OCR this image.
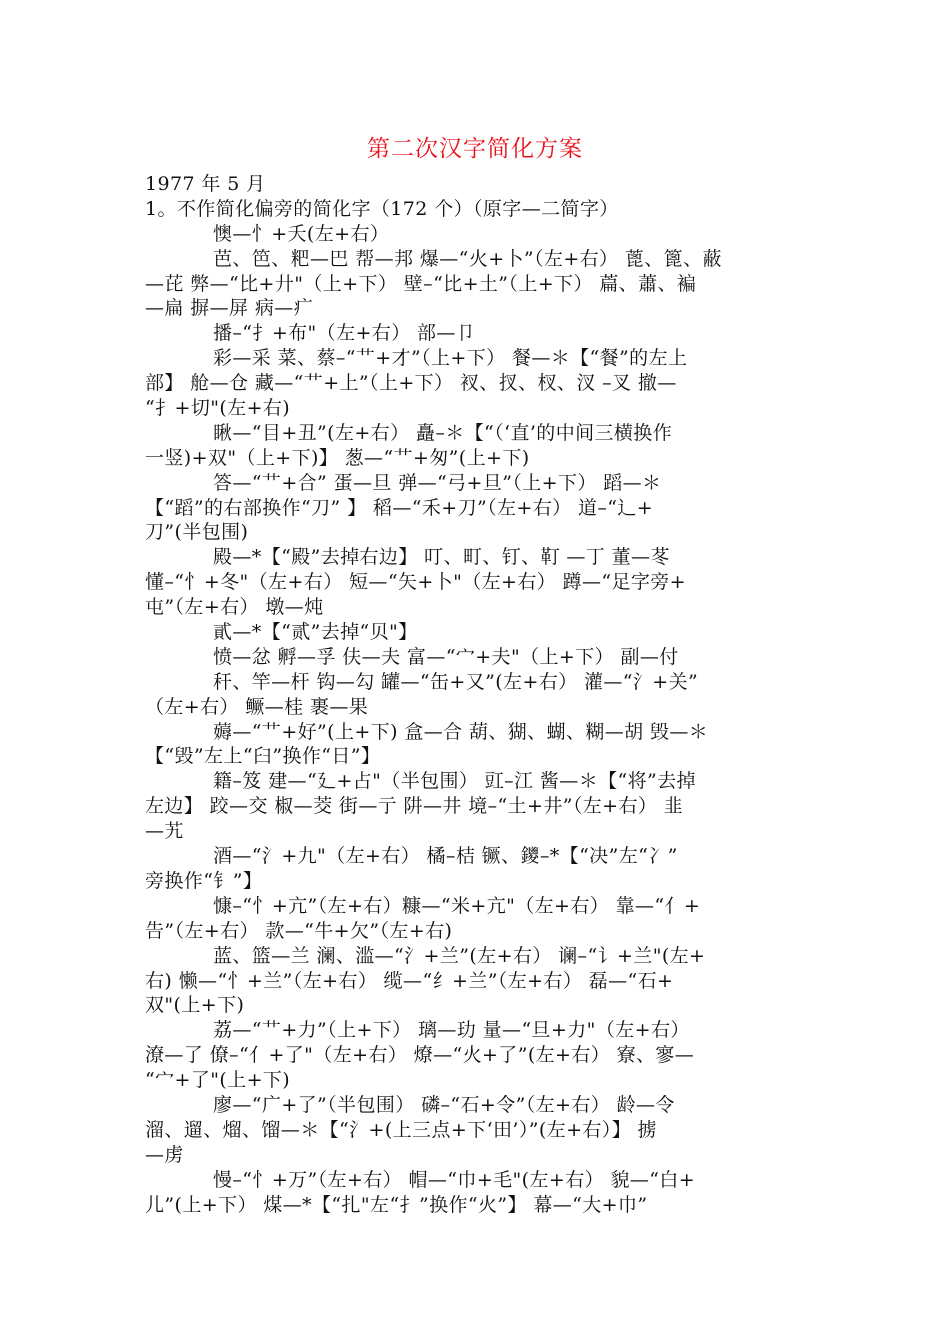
第二次汉字简化方案
1977 年 5 月
1。不作简化偏旁的简化字（172 个）（原字—二简字）
懊—忄+夭(左+右）
芭、笆、粑—巴 帮—邦 爆—“火+卜”（左+右） 蓖、篦、蔽
—芘 弊—“比+廾"（上+下） 壁–“比+土”（上+下） 萹、蕭、褊
—扁 摒—屏 病—疒
播–“扌+布"（左+右） 部—卩
彩—采 菜、蔡–“艹+才”（上+下） 餐—＊【“餐”的左上
部】 舱—仓 藏—“艹+上”（上+下） 衩、扠、杈、汊 –叉 撤—
“扌+切"(左+右)
瞅—“目+丑”(左+右） 矗–＊【“（‘直’的中间三横换作
一竖)+双"（上+下)】 葱—“艹+匆”(上+下)
答—“艹+合” 蛋—旦 弹—“弓+旦”（上+下） 蹈—＊
【“蹈”的右部换作“刀” 】 稻—“禾+刀”（左+右） 道–“辶+
刀”(半包围)
殿—*【“殿”去掉右边】 叮、町、钉、靪 —丁 董—苳
懂–“忄+冬"（左+右） 短—“矢+卜"（左+右） 蹲—“足字旁+
屯”（左+右） 墩—炖
貳—*【“贰”去掉“贝"】
愤—忿 孵—孚 伕—夫 富—“宀+夫"（上+下） 副—付
秆、竿—杆 钩—勾 罐—“缶+又”(左+右） 灌—“氵+关”
（左+右） 鳜—桂 裹—果
薅—“艹+好”(上+下) 盒—合 葫、猢、蝴、糊—胡 毁—＊
【“毁”左上“臼”换作“日”】
籍–笈 建—“廴+占"（半包围） 豇–江 酱—＊【“将”去掉
左边】 跤—交 椒—茭 街—亍 阱—井 境–“土+井”（左+右） 韭
—艽
酒—“氵+九"（左+右） 橘–桔 镢、鑁–*【“决”左“冫”
旁换作“钅”】
慷–“忄+亢”（左+右）糠—“米+亢"（左+右） 靠—“亻+
告”（左+右） 款—“牛+欠”（左+右)
蓝、篮—兰 澜、滥—“氵+兰”(左+右） 谰–“讠+兰"(左+
右) 懒—“忄+兰”（左+右） 缆—“纟+兰”（左+右） 磊—“石+
双"(上+下)
荔—“艹+力”（上+下） 璃—玏 量—“旦+力"（左+右）
潦—了 僚–“亻+了"（左+右） 燎—“火+了”(左+右） 寮、寥—
“宀+了"(上+下)
廖—“广+了”（半包围） 磷–“石+令”（左+右） 龄—令
溜、遛、熘、馏—＊【“氵+(上三点+下‘田’）”(左+右）】 掳
—虏
慢–“忄+万”（左+右） 帽—“巾+毛"(左+右） 貌—“白+
儿”(上+下） 煤—*【“扎"左“扌”换作“火”】 幕—“大+巾”
